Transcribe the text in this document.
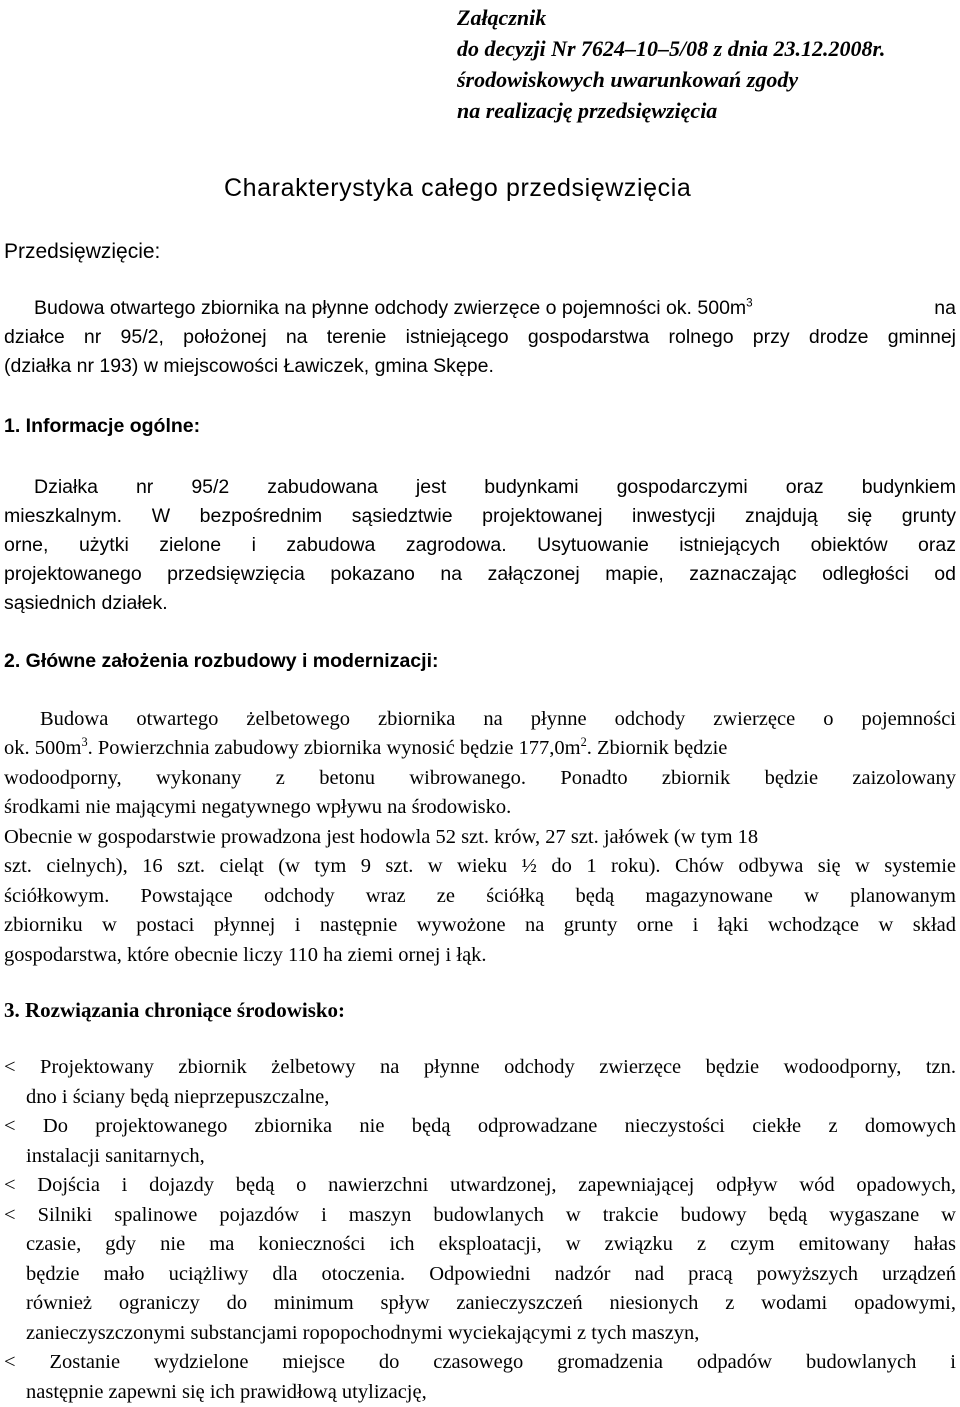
Załącznik
do decyzji Nr 7624–10–5/08 z dnia 23.12.2008r.
środowiskowych uwarunkowań zgody
na realizację przedsięwzięcia
Charakterystyka całego przedsięwzięcia
Przedsięwzięcie:
Budowa otwartego zbiornika na płynne odchody zwierzęce o pojemności ok. $500m^3$	na
działce nr 95/2, położonej na terenie istniejącego gospodarstwa rolnego przy drodze gminnej
(działka nr 193) w miejscowości Ławiczek, gmina Skępe.
1. Informacje ogólne:
Działka nr 95/2 zabudowana jest budynkami gospodarczymi oraz budynkiem
mieszkalnym. W bezpośrednim sąsiedztwie projektowanej inwestycji znajdują się grunty
orne, użytki zielone i zabudowa zagrodowa. Usytuowanie istniejących obiektów oraz
projektowanego przedsięwzięcia pokazano na załączonej mapie, zaznaczając odległości od
sąsiednich działek.
2. Główne założenia rozbudowy i modernizacji:
Budowa otwartego żelbetowego zbiornika na płynne odchody zwierzęce o pojemności
ok. $500m^3$. Powierzchnia zabudowy zbiornika wynosić będzie $177,0m^2$. Zbiornik będzie
wodoodporny, wykonany z betonu wibrowanego. Ponadto zbiornik będzie zaizolowany
środkami nie mającymi negatywnego wpływu na środowisko.
Obecnie w gospodarstwie prowadzona jest hodowla 52 szt. krów, 27 szt. jałówek (w tym 18
szt. cielnych), 16 szt. cieląt (w tym 9 szt. w wieku ½ do 1 roku). Chów odbywa się w systemie
ściółkowym. Powstające odchody wraz ze ściółką będą magazynowane w planowanym
zbiorniku w postaci płynnej i następnie wywożone na grunty orne i łąki wchodzące w skład
gospodarstwa, które obecnie liczy 110 ha ziemi ornej i łąk.
3. Rozwiązania chroniące środowisko:
< Projektowany zbiornik żelbetowy na płynne odchody zwierzęce będzie wodoodporny, tzn.
dno i ściany będą nieprzepuszczalne,
< Do projektowanego zbiornika nie będą odprowadzane nieczystości ciekłe z domowych
instalacji sanitarnych,
< Dojścia i dojazdy będą o nawierzchni utwardzonej, zapewniającej odpływ wód opadowych,
< Silniki spalinowe pojazdów i maszyn budowlanych w trakcie budowy będą wygaszane w
czasie, gdy nie ma konieczności ich eksploatacji, w związku z czym emitowany hałas
będzie mało uciążliwy dla otoczenia. Odpowiedni nadzór nad pracą powyższych urządzeń
również ograniczy do minimum spływ zanieczyszczeń niesionych z wodami opadowymi,
zanieczyszczonymi substancjami ropopochodnymi wyciekającymi z tych maszyn,
< Zostanie wydzielone miejsce do czasowego gromadzenia odpadów budowlanych i
następnie zapewni się ich prawidłową utylizację,
